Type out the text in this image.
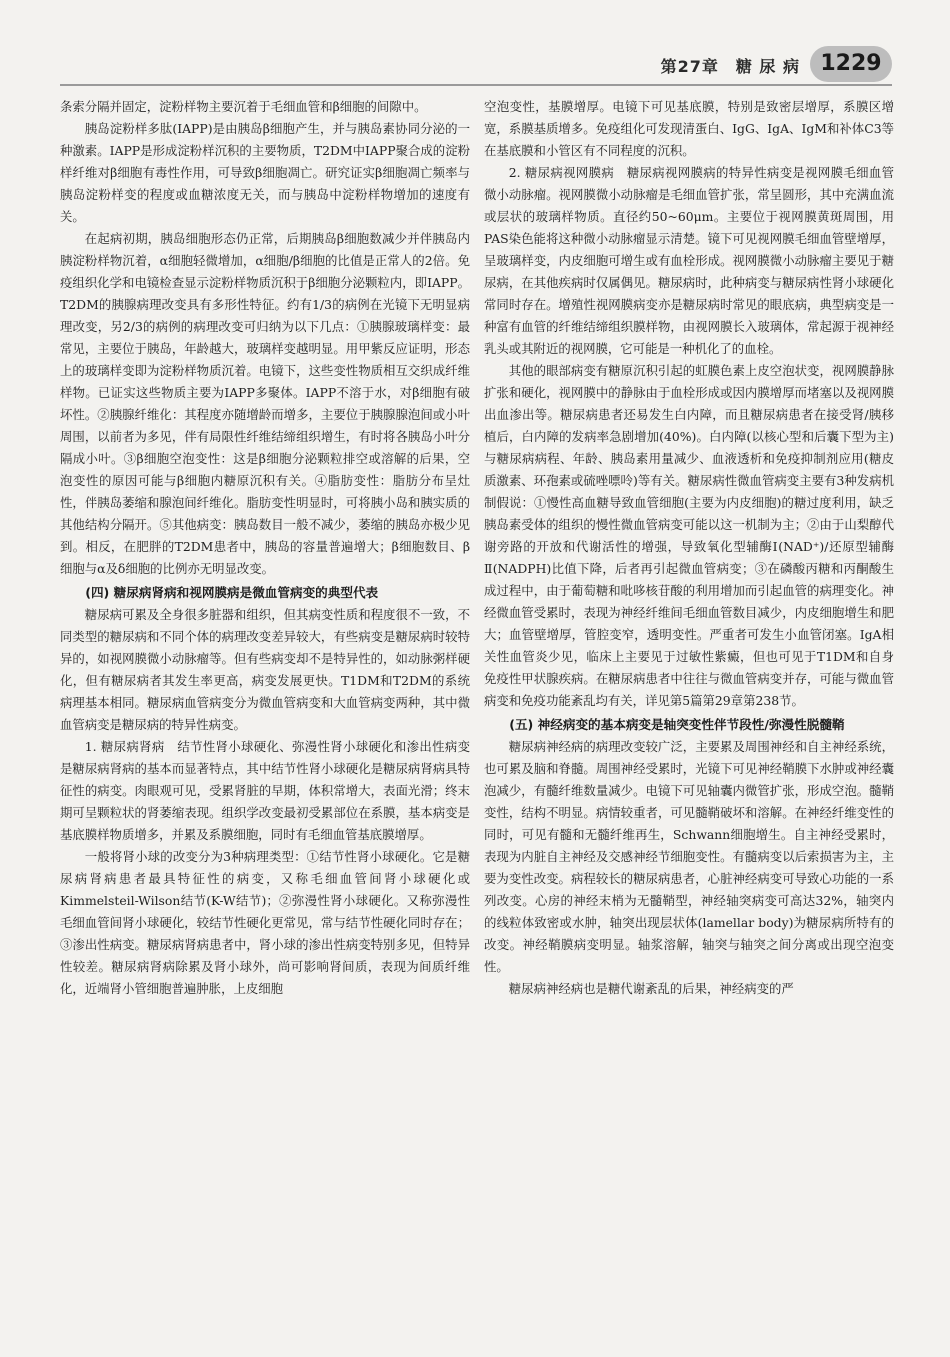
第27章　糖 尿 病 1229

条索分隔并固定，淀粉样物主要沉着于毛细血管和β细胞的间隙中。

胰岛淀粉样多肽(IAPP)是由胰岛β细胞产生，并与胰岛素协同分泌的一种激素。IAPP是形成淀粉样沉积的主要物质，T2DM中IAPP聚合成的淀粉样纤维对β细胞有毒性作用，可导致β细胞凋亡。研究证实β细胞凋亡频率与胰岛淀粉样变的程度或血糖浓度无关，而与胰岛中淀粉样物增加的速度有关。

在起病初期，胰岛细胞形态仍正常，后期胰岛β细胞数减少并伴胰岛内胰淀粉样物沉着，α细胞轻微增加，α细胞/β细胞的比值是正常人的2倍。免疫组织化学和电镜检查显示淀粉样物质沉积于β细胞分泌颗粒内，即IAPP。T2DM的胰腺病理改变具有多形性特征。约有1/3的病例在光镜下无明显病理改变，另2/3的病例的病理改变可归纳为以下几点：①胰腺玻璃样变：最常见，主要位于胰岛，年龄越大，玻璃样变越明显。用甲紫反应证明，形态上的玻璃样变即为淀粉样物质沉着。电镜下，这些变性物质相互交织成纤维样物。已证实这些物质主要为IAPP多聚体。IAPP不溶于水，对β细胞有破坏性。②胰腺纤维化：其程度亦随增龄而增多，主要位于胰腺腺泡间或小叶周围，以前者为多见，伴有局限性纤维结缔组织增生，有时将各胰岛小叶分隔成小叶。③β细胞空泡变性：这是β细胞分泌颗粒排空或溶解的后果，空泡变性的原因可能与β细胞内糖原沉积有关。④脂肪变性：脂肪分布呈灶性，伴胰岛萎缩和腺泡间纤维化。脂肪变性明显时，可将胰小岛和胰实质的其他结构分隔开。⑤其他病变：胰岛数目一般不减少，萎缩的胰岛亦极少见到。相反，在肥胖的T2DM患者中，胰岛的容量普遍增大；β细胞数目、β细胞与α及δ细胞的比例亦无明显改变。

(四) 糖尿病肾病和视网膜病是微血管病变的典型代表

糖尿病可累及全身很多脏器和组织，但其病变性质和程度很不一致，不同类型的糖尿病和不同个体的病理改变差异较大，有些病变是糖尿病时较特异的，如视网膜微小动脉瘤等。但有些病变却不是特异性的，如动脉粥样硬化，但有糖尿病者其发生率更高，病变发展更快。T1DM和T2DM的系统病理基本相同。糖尿病血管病变分为微血管病变和大血管病变两种，其中微血管病变是糖尿病的特异性病变。

1. 糖尿病肾病　结节性肾小球硬化、弥漫性肾小球硬化和渗出性病变是糖尿病肾病的基本而显著特点，其中结节性肾小球硬化是糖尿病肾病具特征性的病变。肉眼观可见，受累肾脏的早期，体积常增大，表面光滑；终末期可呈颗粒状的肾萎缩表现。组织学改变最初受累部位在系膜，基本病变是基底膜样物质增多，并累及系膜细胞，同时有毛细血管基底膜增厚。

一般将肾小球的改变分为3种病理类型：①结节性肾小球硬化。它是糖尿病肾病患者最具特征性的病变，又称毛细血管间肾小球硬化或Kimmelsteil-Wilson结节(K-W结节)；②弥漫性肾小球硬化。又称弥漫性毛细血管间肾小球硬化，较结节性硬化更常见，常与结节性硬化同时存在；③渗出性病变。糖尿病肾病患者中，肾小球的渗出性病变特别多见，但特异性较差。糖尿病肾病除累及肾小球外，尚可影响肾间质，表现为间质纤维化，近端肾小管细胞普遍肿胀，上皮细胞

空泡变性，基膜增厚。电镜下可见基底膜，特别是致密层增厚，系膜区增宽，系膜基质增多。免疫组化可发现清蛋白、IgG、IgA、IgM和补体C3等在基底膜和小管区有不同程度的沉积。

2. 糖尿病视网膜病　糖尿病视网膜病的特异性病变是视网膜毛细血管微小动脉瘤。视网膜微小动脉瘤是毛细血管扩张，常呈圆形，其中充满血流或层状的玻璃样物质。直径约50~60μm。主要位于视网膜黄斑周围，用PAS染色能将这种微小动脉瘤显示清楚。镜下可见视网膜毛细血管壁增厚，呈玻璃样变，内皮细胞可增生或有血栓形成。视网膜微小动脉瘤主要见于糖尿病，在其他疾病时仅属偶见。糖尿病时，此种病变与糖尿病性肾小球硬化常同时存在。增殖性视网膜病变亦是糖尿病时常见的眼底病，典型病变是一种富有血管的纤维结缔组织膜样物，由视网膜长入玻璃体，常起源于视神经乳头或其附近的视网膜，它可能是一种机化了的血栓。

其他的眼部病变有糖原沉积引起的虹膜色素上皮空泡状变，视网膜静脉扩张和硬化，视网膜中的静脉由于血栓形成或因内膜增厚而堵塞以及视网膜出血渗出等。糖尿病患者还易发生白内障，而且糖尿病患者在接受肾/胰移植后，白内障的发病率急剧增加(40%)。白内障(以核心型和后囊下型为主)与糖尿病病程、年龄、胰岛素用量减少、血液透析和免疫抑制剂应用(糖皮质激素、环孢素或硫唑嘌呤)等有关。糖尿病性微血管病变主要有3种发病机制假说：①慢性高血糖导致血管细胞(主要为内皮细胞)的糖过度利用，缺乏胰岛素受体的组织的慢性微血管病变可能以这一机制为主；②由于山梨醇代谢旁路的开放和代谢活性的增强，导致氧化型辅酶Ⅰ(NAD⁺)/还原型辅酶Ⅱ(NADPH)比值下降，后者再引起微血管病变；③在磷酸丙糖和丙酮酸生成过程中，由于葡萄糖和吡哆核苷酸的利用增加而引起血管的病理变化。神经微血管受累时，表现为神经纤维间毛细血管数目减少，内皮细胞增生和肥大；血管壁增厚，管腔变窄，透明变性。严重者可发生小血管闭塞。IgA相关性血管炎少见，临床上主要见于过敏性紫癜，但也可见于T1DM和自身免疫性甲状腺疾病。在糖尿病患者中往往与微血管病变并存，可能与微血管病变和免疫功能紊乱均有关，详见第5篇第29章第238节。

(五) 神经病变的基本病变是轴突变性伴节段性/弥漫性脱髓鞘

糖尿病神经病的病理改变较广泛，主要累及周围神经和自主神经系统，也可累及脑和脊髓。周围神经受累时，光镜下可见神经鞘膜下水肿或神经囊泡减少，有髓纤维数量减少。电镜下可见轴囊内微管扩张，形成空泡。髓鞘变性，结构不明显。病情较重者，可见髓鞘破坏和溶解。在神经纤维变性的同时，可见有髓和无髓纤维再生，Schwann细胞增生。自主神经受累时，表现为内脏自主神经及交感神经节细胞变性。有髓病变以后索损害为主，主要为变性改变。病程较长的糖尿病患者，心脏神经病变可导致心功能的一系列改变。心房的神经末梢为无髓鞘型，神经轴突病变可高达32%，轴突内的线粒体致密或水肿，轴突出现层状体(lamellar body)为糖尿病所特有的改变。神经鞘膜病变明显。轴浆溶解，轴突与轴突之间分离或出现空泡变性。

糖尿病神经病也是糖代谢紊乱的后果，神经病变的严
